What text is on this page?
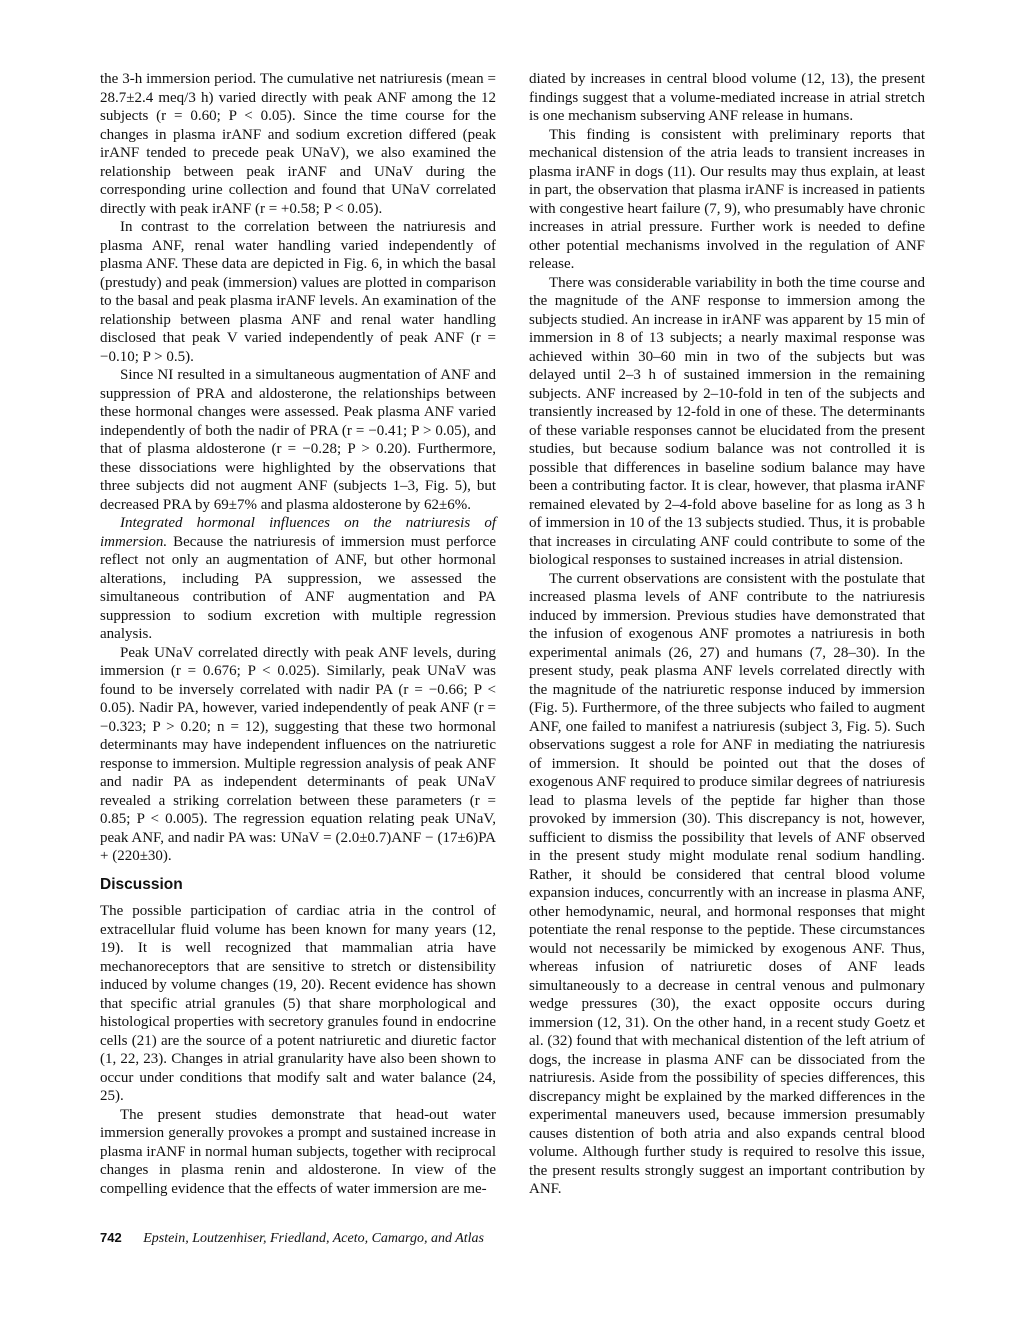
the 3-h immersion period. The cumulative net natriuresis (mean = 28.7±2.4 meq/3 h) varied directly with peak ANF among the 12 subjects (r = 0.60; P < 0.05). Since the time course for the changes in plasma irANF and sodium excretion differed (peak irANF tended to precede peak UNaV), we also examined the relationship between peak irANF and UNaV during the corresponding urine collection and found that UNaV correlated directly with peak irANF (r = +0.58; P < 0.05).

In contrast to the correlation between the natriuresis and plasma ANF, renal water handling varied independently of plasma ANF. These data are depicted in Fig. 6, in which the basal (prestudy) and peak (immersion) values are plotted in comparison to the basal and peak plasma irANF levels. An examination of the relationship between plasma ANF and renal water handling disclosed that peak V varied independently of peak ANF (r = −0.10; P > 0.5).

Since NI resulted in a simultaneous augmentation of ANF and suppression of PRA and aldosterone, the relationships between these hormonal changes were assessed. Peak plasma ANF varied independently of both the nadir of PRA (r = −0.41; P > 0.05), and that of plasma aldosterone (r = −0.28; P > 0.20). Furthermore, these dissociations were highlighted by the observations that three subjects did not augment ANF (subjects 1–3, Fig. 5), but decreased PRA by 69±7% and plasma aldosterone by 62±6%.

Integrated hormonal influences on the natriuresis of immersion. Because the natriuresis of immersion must perforce reflect not only an augmentation of ANF, but other hormonal alterations, including PA suppression, we assessed the simultaneous contribution of ANF augmentation and PA suppression to sodium excretion with multiple regression analysis.

Peak UNaV correlated directly with peak ANF levels, during immersion (r = 0.676; P < 0.025). Similarly, peak UNaV was found to be inversely correlated with nadir PA (r = −0.66; P < 0.05). Nadir PA, however, varied independently of peak ANF (r = −0.323; P > 0.20; n = 12), suggesting that these two hormonal determinants may have independent influences on the natriuretic response to immersion. Multiple regression analysis of peak ANF and nadir PA as independent determinants of peak UNaV revealed a striking correlation between these parameters (r = 0.85; P < 0.005). The regression equation relating peak UNaV, peak ANF, and nadir PA was: UNaV = (2.0±0.7)ANF − (17±6)PA + (220±30).

Discussion

The possible participation of cardiac atria in the control of extracellular fluid volume has been known for many years (12, 19). It is well recognized that mammalian atria have mechanoreceptors that are sensitive to stretch or distensibility induced by volume changes (19, 20). Recent evidence has shown that specific atrial granules (5) that share morphological and histological properties with secretory granules found in endocrine cells (21) are the source of a potent natriuretic and diuretic factor (1, 22, 23). Changes in atrial granularity have also been shown to occur under conditions that modify salt and water balance (24, 25).

The present studies demonstrate that head-out water immersion generally provokes a prompt and sustained increase in plasma irANF in normal human subjects, together with reciprocal changes in plasma renin and aldosterone. In view of the compelling evidence that the effects of water immersion are me-

diated by increases in central blood volume (12, 13), the present findings suggest that a volume-mediated increase in atrial stretch is one mechanism subserving ANF release in humans.

This finding is consistent with preliminary reports that mechanical distension of the atria leads to transient increases in plasma irANF in dogs (11). Our results may thus explain, at least in part, the observation that plasma irANF is increased in patients with congestive heart failure (7, 9), who presumably have chronic increases in atrial pressure. Further work is needed to define other potential mechanisms involved in the regulation of ANF release.

There was considerable variability in both the time course and the magnitude of the ANF response to immersion among the subjects studied. An increase in irANF was apparent by 15 min of immersion in 8 of 13 subjects; a nearly maximal response was achieved within 30–60 min in two of the subjects but was delayed until 2–3 h of sustained immersion in the remaining subjects. ANF increased by 2–10-fold in ten of the subjects and transiently increased by 12-fold in one of these. The determinants of these variable responses cannot be elucidated from the present studies, but because sodium balance was not controlled it is possible that differences in baseline sodium balance may have been a contributing factor. It is clear, however, that plasma irANF remained elevated by 2–4-fold above baseline for as long as 3 h of immersion in 10 of the 13 subjects studied. Thus, it is probable that increases in circulating ANF could contribute to some of the biological responses to sustained increases in atrial distension.

The current observations are consistent with the postulate that increased plasma levels of ANF contribute to the natriuresis induced by immersion. Previous studies have demonstrated that the infusion of exogenous ANF promotes a natriuresis in both experimental animals (26, 27) and humans (7, 28–30). In the present study, peak plasma ANF levels correlated directly with the magnitude of the natriuretic response induced by immersion (Fig. 5). Furthermore, of the three subjects who failed to augment ANF, one failed to manifest a natriuresis (subject 3, Fig. 5). Such observations suggest a role for ANF in mediating the natriuresis of immersion. It should be pointed out that the doses of exogenous ANF required to produce similar degrees of natriuresis lead to plasma levels of the peptide far higher than those provoked by immersion (30). This discrepancy is not, however, sufficient to dismiss the possibility that levels of ANF observed in the present study might modulate renal sodium handling. Rather, it should be considered that central blood volume expansion induces, concurrently with an increase in plasma ANF, other hemodynamic, neural, and hormonal responses that might potentiate the renal response to the peptide. These circumstances would not necessarily be mimicked by exogenous ANF. Thus, whereas infusion of natriuretic doses of ANF leads simultaneously to a decrease in central venous and pulmonary wedge pressures (30), the exact opposite occurs during immersion (12, 31). On the other hand, in a recent study Goetz et al. (32) found that with mechanical distention of the left atrium of dogs, the increase in plasma ANF can be dissociated from the natriuresis. Aside from the possibility of species differences, this discrepancy might be explained by the marked differences in the experimental maneuvers used, because immersion presumably causes distention of both atria and also expands central blood volume. Although further study is required to resolve this issue, the present results strongly suggest an important contribution by ANF.

742 Epstein, Loutzenhiser, Friedland, Aceto, Camargo, and Atlas
